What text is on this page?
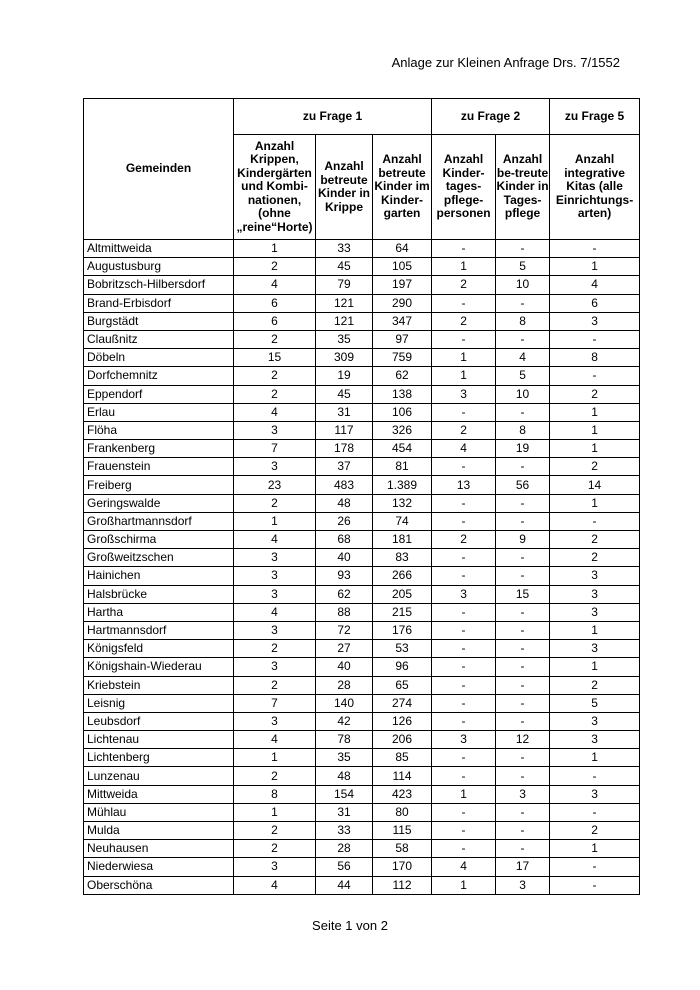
Anlage zur Kleinen Anfrage Drs. 7/1552
Gemeinden	zu Frage 1			zu Frage 2		zu Frage 5
	Anzahl Krippen, Kindergärten und Kombi-nationen, (ohne „reine“Horte)	Anzahl betreute Kinder in Krippe	Anzahl betreute Kinder im Kinder-garten	Anzahl Kinder-tages-pflege-personen	Anzahl be-treute Kinder in Tages-pflege	Anzahl integrative Kitas (alle Einrichtungs-arten)
Altmittweida	1	33	64	-	-	-
Augustusburg	2	45	105	1	5	1
Bobritzsch-Hilbersdorf	4	79	197	2	10	4
Brand-Erbisdorf	6	121	290	-	-	6
Burgstädt	6	121	347	2	8	3
Claußnitz	2	35	97	-	-	-
Döbeln	15	309	759	1	4	8
Dorfchemnitz	2	19	62	1	5	-
Eppendorf	2	45	138	3	10	2
Erlau	4	31	106	-	-	1
Flöha	3	117	326	2	8	1
Frankenberg	7	178	454	4	19	1
Frauenstein	3	37	81	-	-	2
Freiberg	23	483	1.389	13	56	14
Geringswalde	2	48	132	-	-	1
Großhartmannsdorf	1	26	74	-	-	-
Großschirma	4	68	181	2	9	2
Großweitzschen	3	40	83	-	-	2
Hainichen	3	93	266	-	-	3
Halsbrücke	3	62	205	3	15	3
Hartha	4	88	215	-	-	3
Hartmannsdorf	3	72	176	-	-	1
Königsfeld	2	27	53	-	-	3
Königshain-Wiederau	3	40	96	-	-	1
Kriebstein	2	28	65	-	-	2
Leisnig	7	140	274	-	-	5
Leubsdorf	3	42	126	-	-	3
Lichtenau	4	78	206	3	12	3
Lichtenberg	1	35	85	-	-	1
Lunzenau	2	48	114	-	-	-
Mittweida	8	154	423	1	3	3
Mühlau	1	31	80	-	-	-
Mulda	2	33	115	-	-	2
Neuhausen	2	28	58	-	-	1
Niederwiesa	3	56	170	4	17	-
Oberschöna	4	44	112	1	3	-
Seite 1 von 2
